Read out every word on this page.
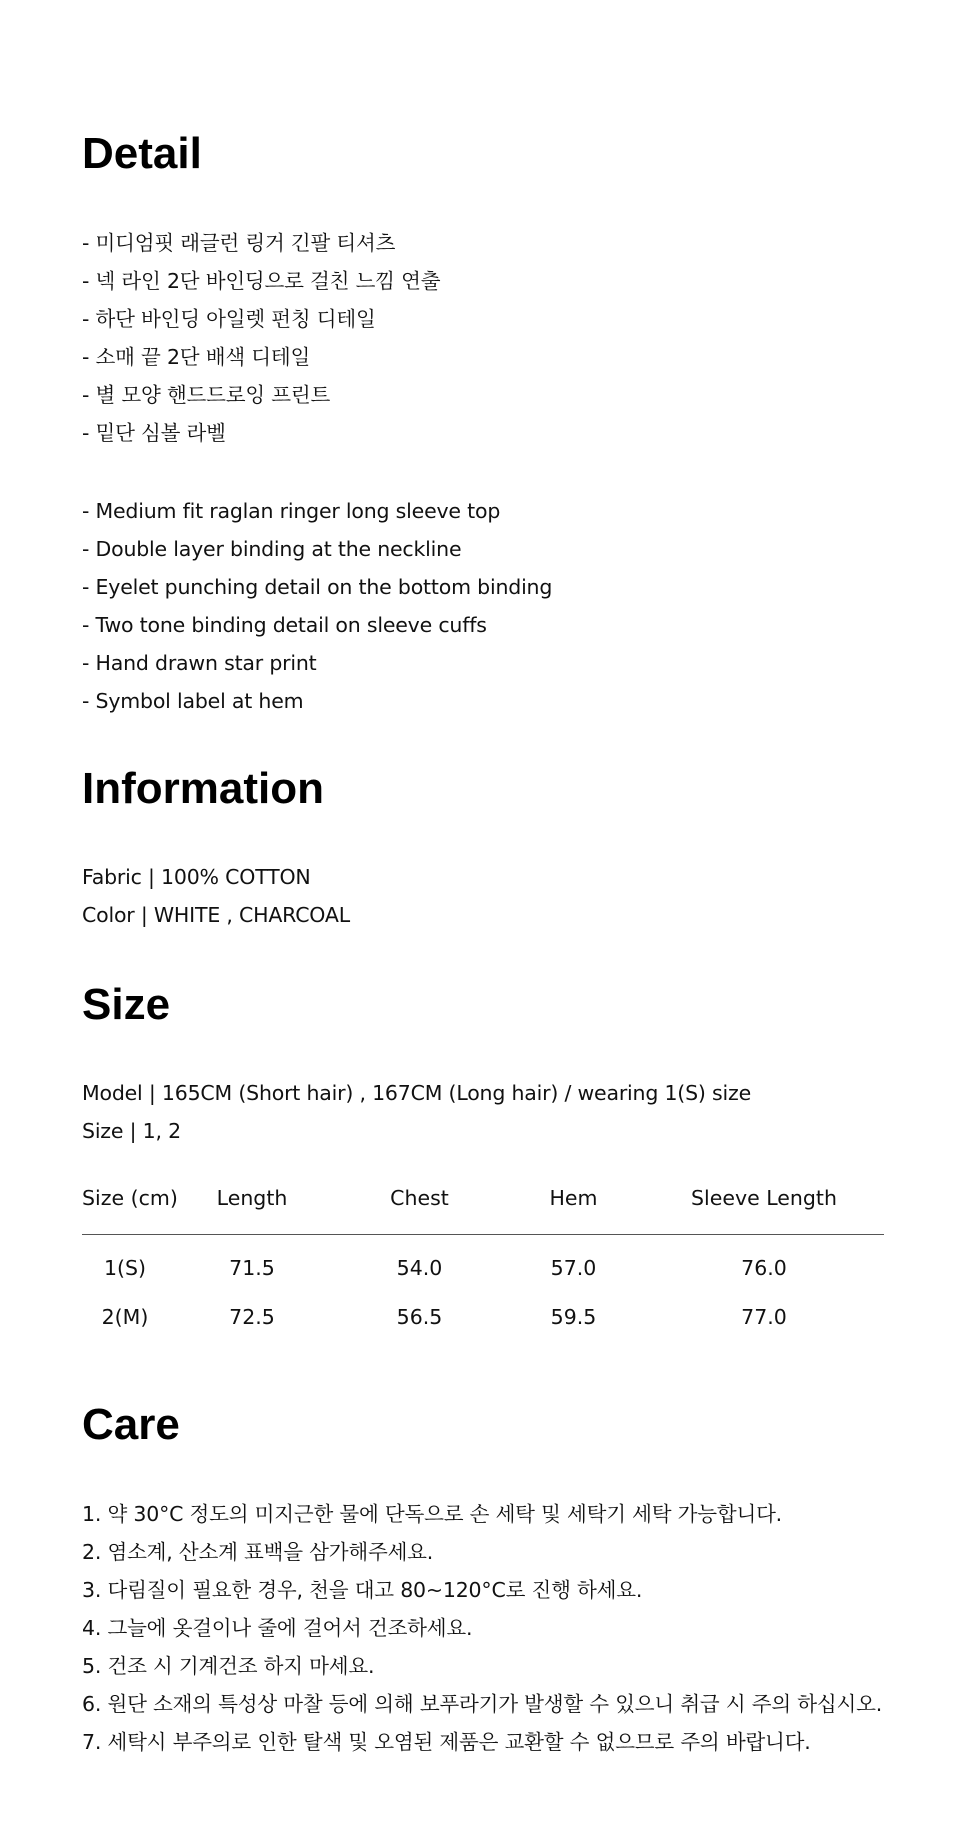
Detail
- 미디엄핏 래글런 링거 긴팔 티셔츠
- 넥 라인 2단 바인딩으로 걸친 느낌 연출
- 하단 바인딩 아일렛 펀칭 디테일
- 소매 끝 2단 배색 디테일
- 별 모양 핸드드로잉 프린트
- 밑단 심볼 라벨
- Medium fit raglan ringer long sleeve top
- Double layer binding at the neckline
- Eyelet punching detail on the bottom binding
- Two tone binding detail on sleeve cuffs
- Hand drawn star print
- Symbol label at hem
Information
Fabric | 100% COTTON
Color | WHITE , CHARCOAL
Size
Model | 165CM (Short hair) , 167CM (Long hair) / wearing 1(S) size
Size | 1, 2
Size (cm)	Length	Chest	Hem	Sleeve Length
1(S)	71.5	54.0	57.0	76.0
2(M)	72.5	56.5	59.5	77.0
Care
1. 약 30°C 정도의 미지근한 물에 단독으로 손 세탁 및 세탁기 세탁 가능합니다.
2. 염소계, 산소계 표백을 삼가해주세요.
3. 다림질이 필요한 경우, 천을 대고 80~120°C로 진행 하세요.
4. 그늘에 옷걸이나 줄에 걸어서 건조하세요.
5. 건조 시 기계건조 하지 마세요.
6. 원단 소재의 특성상 마찰 등에 의해 보푸라기가 발생할 수 있으니 취급 시 주의 하십시오.
7. 세탁시 부주의로 인한 탈색 및 오염된 제품은 교환할 수 없으므로 주의 바랍니다.
